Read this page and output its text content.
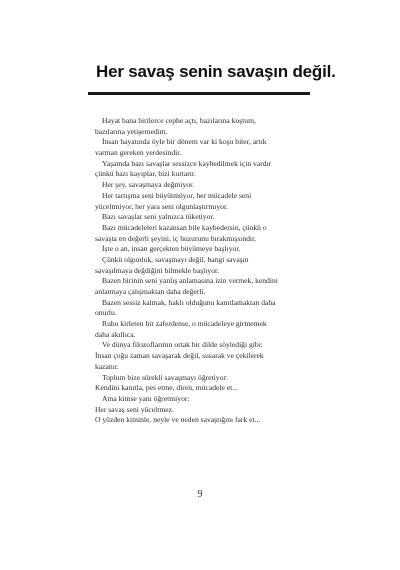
Her savaş senin savaşın değil.
Hayat bana birilerce cephe açtı, bazılarına koştum,
bazılarına yetişemedim.
İnsan hayatında öyle bir dönem var ki koşu biter, artık
varman gereken yerdesindir.
Yaşamda bazı savaşlar sessizce kaybedilmek için vardır
çünkü bazı kayıplar, bizi kurtarır.
Her şey, savaşmaya değmiyor.
Her tartışma seni büyütmüyor, her mücadele seni
yüceltmiyor, her yara seni olgunlaştırmıyor.
Bazı savaşlar seni yalnızca tüketiyor.
Bazı mücadeleleri kazansan bile kaybedersin, çünkü o
savaşta en değerli şeyini, iç huzurunu bırakmışsındır.
İşte o an, insan gerçekten büyümeye başlıyor.
Çünkü olgunluk, savaşmayı değil, hangi savaşın
savaşılmaya değdiğini bilmekle başlıyor.
Bazen birinin seni yanlış anlamasına izin vermek, kendini
anlatmaya çalışmaktan daha değerli.
Bazen sessiz kalmak, haklı olduğunu kanıtlamaktan daha
onurlu.
Ruhu kirleten bir zaferdense, o mücadeleye girmemek
daha akıllıca.
Ve dünya filozoflarının ortak bir dilde söylediği gibi:
İnsan çoğu zaman savaşarak değil, susarak ve çekilerek
kazanır.
Toplum bize sürekli savaşmayı öğretiyor:
Kendini kanıtla, pes etme, diren, mücadele et...
Ama kimse yanı öğretmiyor:
Her savaş seni yüceltmez.
O yüzden kiminle, neyle ve neden savaştığını fark et...
9
